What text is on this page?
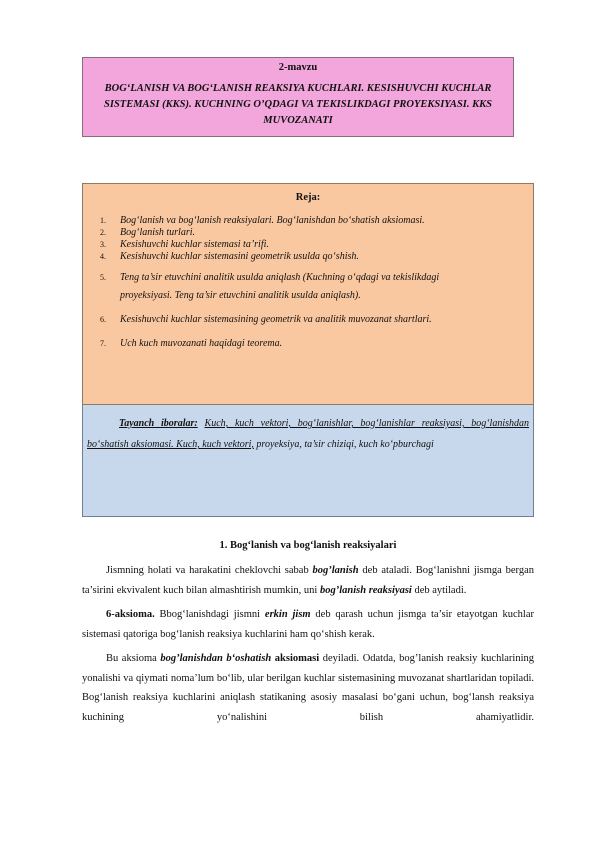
2-mavzu
BOG‘LANISH VA BOG‘LANISH REAKSIYA KUCHLARI. KESISHUVCHI KUCHLAR SISTEMASI (KKS). KUCHNING O’QDAGI VA TEKISLIKDAGI PROYEKSIYASI. KKS MUVOZANATI
Reja:
1. Bog‘lanish va bog‘lanish reaksiyalari. Bog‘lanishdan bo‘shatish aksiomasi.
2. Bog‘lanish turlari.
3. Kesishuvchi kuchlar sistemasi ta’rifi.
4. Kesishuvchi kuchlar sistemasini geometrik usulda qo‘shish.
5. Teng ta’sir etuvchini analitik usulda aniqlash (Kuchning o‘qdagi va tekislikdagi proyeksiyasi. Teng ta’sir etuvchini analitik usulda aniqlash).
6. Kesishuvchi kuchlar sistemasining geometrik va analitik muvozanat shartlari.
7. Uch kuch muvozanati haqidagi teorema.

Tayanch iboralar: Kuch, kuch vektori, bog‘lanishlar, bog‘lanishlar reaksiyasi, bog‘lanishdan bo‘shatish aksiomasi. Kuch, kuch vektori, proyeksiya, ta’sir chiziqi, kuch ko‘pburchagi

1. Bog‘lanish va bog‘lanish reaksiyalari

Jismning holati va harakatini cheklovchi sabab bog’lanish deb ataladi. Bog‘lanishni jismga bergan ta’sirini ekvivalent kuch bilan almashtirish mumkin, uni bog’lanish reaksiyasi deb aytiladi.

6-aksioma. Bbog‘lanishdagi jismni erkin jism deb qarash uchun jismga ta’sir etayotgan kuchlar sistemasi qatoriga bog‘lanish reaksiya kuchlarini ham qo‘shish kerak.

Bu aksioma bog’lanishdan b‘oshatish aksiomasi deyiladi. Odatda, bog’lanish reaksiy kuchlarining yonalishi va qiymati noma’lum bo‘lib, ular berilgan kuchlar sistemasining muvozanat shartlaridan topiladi. Bog‘lanish reaksiya kuchlarini aniqlash statikaning asosiy masalasi bo‘gani uchun, bog‘lansh reaksiya kuchining yo‘nalishini bilish ahamiyatlidir.
